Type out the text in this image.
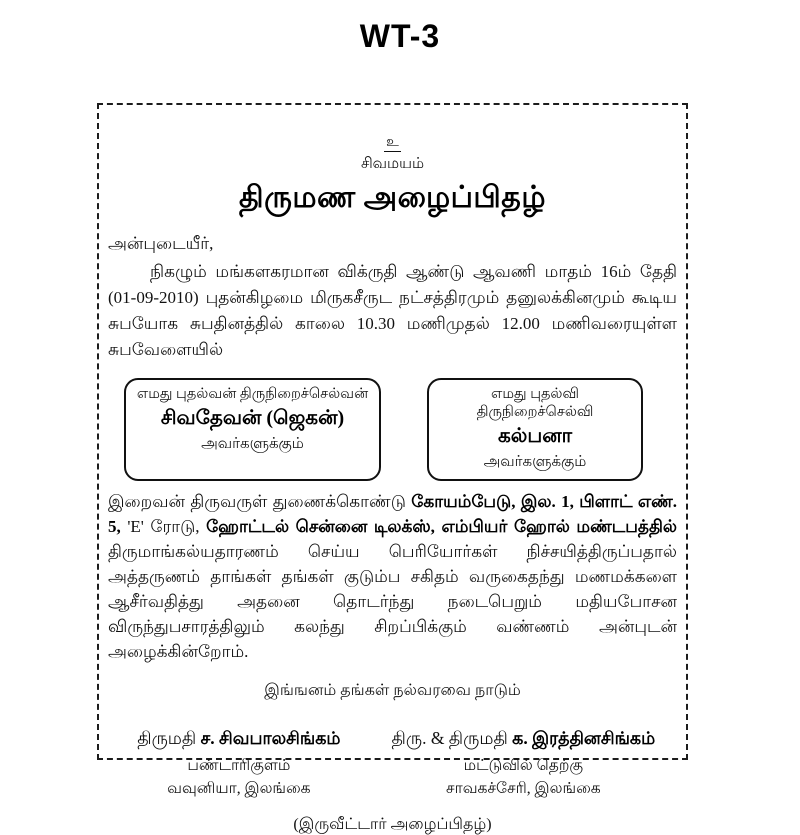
WT-3
உ
சிவமயம்
திருமண அழைப்பிதழ்
அன்புடையீர்,
நிகழும் மங்களகரமான விக்ருதி ஆண்டு ஆவணி மாதம் 16ம் தேதி (01-09-2010) புதன்கிழமை மிருகசீருட நட்சத்திரமும் தனுலக்கினமும் கூடிய சுபயோக சுபதினத்தில் காலை 10.30 மணிமுதல் 12.00 மணிவரையுள்ள சுபவேளையில்
எமது புதல்வன் திருநிறைச்செல்வன்
சிவதேவன் (ஜெகன்)
அவர்களுக்கும்
எமது புதல்வி திருநிறைச்செல்வி
கல்பனா
அவர்களுக்கும்
இறைவன் திருவருள் துணைக்கொண்டு கோயம்பேடு, இல. 1, பிளாட் எண். 5, 'E' ரோடு, ஹோட்டல் சென்னை டிலக்ஸ், எம்பியர் ஹோல் மண்டபத்தில் திருமாங்கல்யதாரணம் செய்ய பெரியோர்கள் நிச்சயித்திருப்பதால் அத்தருணம் தாங்கள் தங்கள் குடும்ப சகிதம் வருகைதந்து மணமக்களை ஆசீர்வதித்து அதனை தொடர்ந்து நடைபெறும் மதியபோசன விருந்துபசாரத்திலும் கலந்து சிறப்பிக்கும் வண்ணம் அன்புடன் அழைக்கின்றோம்.
இங்ஙனம் தங்கள் நல்வரவை நாடும்
திருமதி ச. சிவபாலசிங்கம்
பண்டாரிகுளம்
வவுனியா, இலங்கை
திரு. & திருமதி க. இரத்தினசிங்கம்
மட்டுவில் தெற்கு
சாவகச்சேரி, இலங்கை
(இருவீட்டார் அழைப்பிதழ்)
